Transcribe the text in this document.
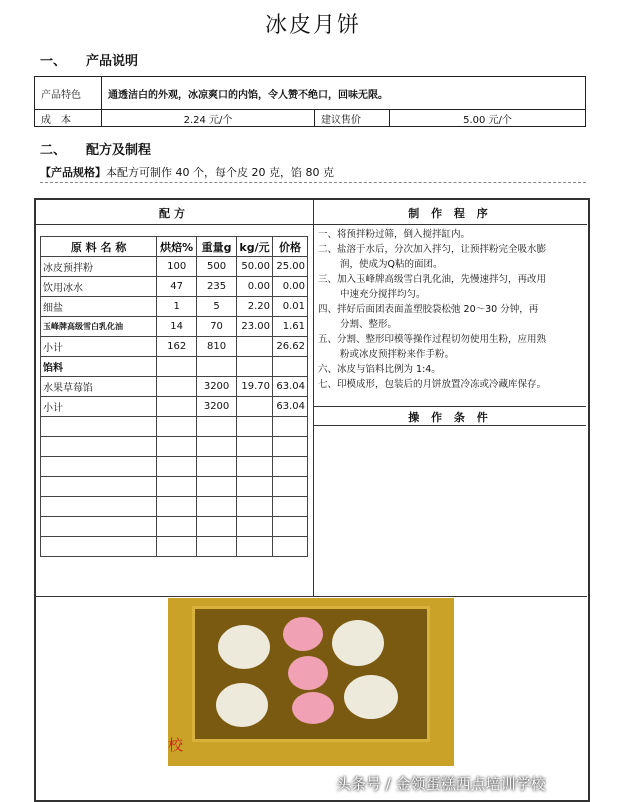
冰皮月饼
一、 产品说明
产品特色	通透洁白的外观，冰凉爽口的内馅，令人赞不绝口，回味无限。		
成　本	2.24 元/个	建议售价	5.00 元/个
二、 配方及制程
【产品规格】本配方可制作 40 个，每个皮 20 克，馅 80 克
配方
原 料 名 称	烘焙%	重量g	kg/元	价格
冰皮预拌粉	100	500	50.00	25.00
饮用冰水	47	235	0.00	0.00
细盐	1	5	2.20	0.01
玉峰牌高级雪白乳化油	14	70	23.00	1.61
小计	162	810		26.62
馅料				
水果草莓馅		3200	19.70	63.04
小计		3200		63.04

制 作 程 序
一、将预拌粉过筛，倒入搅拌缸内。
二、盐溶于水后，分次加入拌匀，让预拌粉完全吸水膨
润，使成为Q粘的面团。
三、加入玉峰牌高级雪白乳化油，先慢速拌匀，再改用
中速充分搅拌均匀。
四、拌好后面团表面盖塑胶袋松弛 20～30 分钟，再
分割、整形。
五、分割、整形印模等操作过程切勿使用生粉，应用熟
粉或冰皮预拌粉来作手粉。
六、冰皮与馅料比例为 1:4。
七、印模成形，包装后的月饼放置冷冻或冷藏库保存。
操 作 条 件
校
头条号 / 金领蛋糕西点培训学校
